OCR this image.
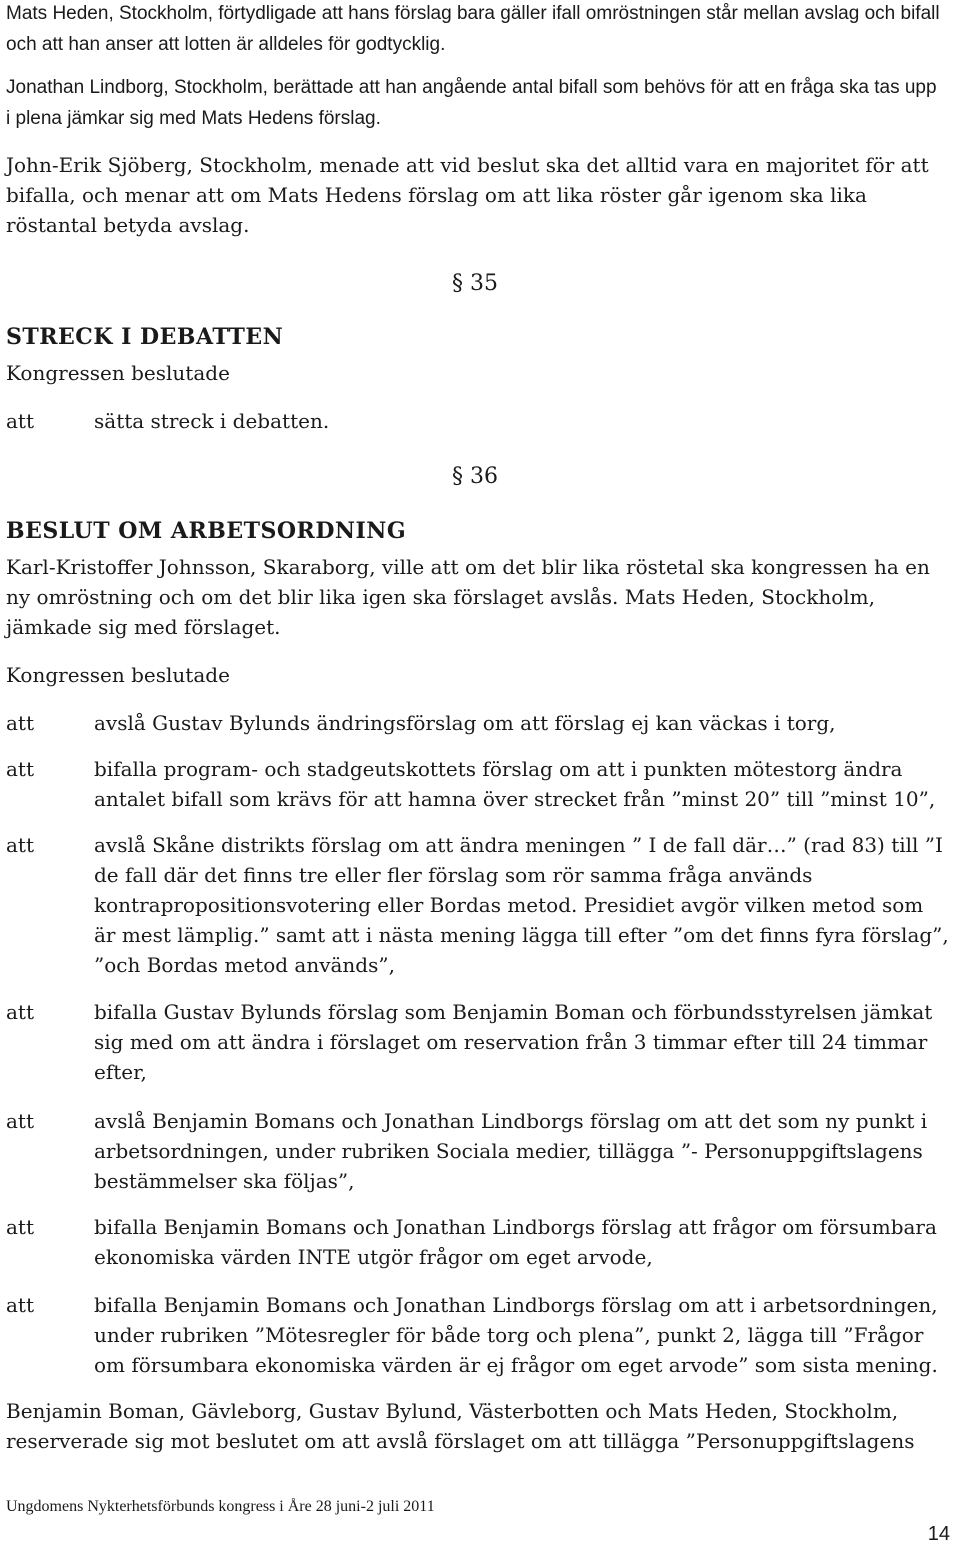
Mats Heden, Stockholm, förtydligade att hans förslag bara gäller ifall omröstningen står mellan avslag och bifall och att han anser att lotten är alldeles för godtycklig.

Jonathan Lindborg, Stockholm, berättade att han angående antal bifall som behövs för att en fråga ska tas upp i plena jämkar sig med Mats Hedens förslag.

John-Erik Sjöberg, Stockholm, menade att vid beslut ska det alltid vara en majoritet för att bifalla, och menar att om Mats Hedens förslag om att lika röster går igenom ska lika röstantal betyda avslag.

§ 35
STRECK I DEBATTEN

Kongressen beslutade

att	sätta streck i debatten.
§ 36
BESLUT OM ARBETSORDNING

Karl-Kristoffer Johnsson, Skaraborg, ville att om det blir lika röstetal ska kongressen ha en ny omröstning och om det blir lika igen ska förslaget avslås. Mats Heden, Stockholm, jämkade sig med förslaget.

Kongressen beslutade

att	avslå Gustav Bylunds ändringsförslag om att förslag ej kan väckas i torg,
att	bifalla program- och stadgeutskottets förslag om att i punkten mötestorg ändra antalet bifall som krävs för att hamna över strecket från ”minst 20” till ”minst 10”,
att	avslå Skåne distrikts förslag om att ändra meningen ” I de fall där…” (rad 83) till ”I de fall där det finns tre eller fler förslag som rör samma fråga används kontrapropositionsvotering eller Bordas metod. Presidiet avgör vilken metod som är mest lämplig.” samt att i nästa mening lägga till efter ”om det finns fyra förslag”, ”och Bordas metod används”,
att	bifalla Gustav Bylunds förslag som Benjamin Boman och förbundsstyrelsen jämkat sig med om att ändra i förslaget om reservation från 3 timmar efter till 24 timmar efter,
att	avslå Benjamin Bomans och Jonathan Lindborgs förslag om att det som ny punkt i arbetsordningen, under rubriken Sociala medier, tillägga ”- Personuppgiftslagens bestämmelser ska följas”,
att	bifalla Benjamin Bomans och Jonathan Lindborgs förslag att frågor om försumbara ekonomiska värden INTE utgör frågor om eget arvode,
att	bifalla Benjamin Bomans och Jonathan Lindborgs förslag om att i arbetsordningen, under rubriken ”Mötesregler för både torg och plena”, punkt 2, lägga till ”Frågor om försumbara ekonomiska värden är ej frågor om eget arvode” som sista mening.

Benjamin Boman, Gävleborg, Gustav Bylund, Västerbotten och Mats Heden, Stockholm, reserverade sig mot beslutet om att avslå förslaget om att tillägga ”Personuppgiftslagens

Ungdomens Nykterhetsförbunds kongress i Åre 28 juni-2 juli 2011
14
